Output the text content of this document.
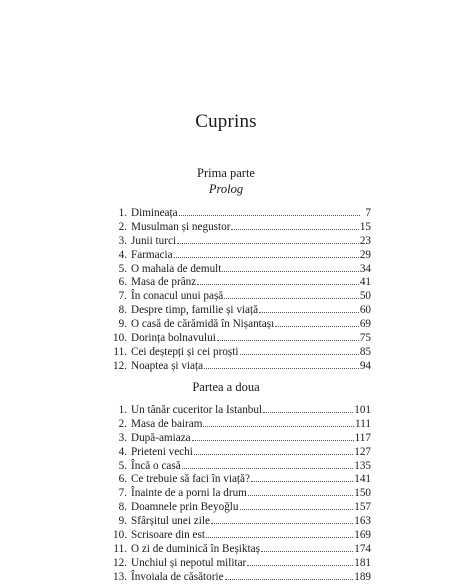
Cuprins
Prima parte
Prolog
1. Dimineața	7
2. Musulman și negustor	15
3. Junii turci	23
4. Farmacia	29
5. O mahala de demult	34
6. Masa de prânz	41
7. În conacul unui pașă	50
8. Despre timp, familie și viață	60
9. O casă de cărămidă în Nișantașı	69
10. Dorința bolnavului	75
11. Cei deștepți și cei proști	85
12. Noaptea și viața	94
Partea a doua
1. Un tânăr cuceritor la Istanbul	101
2. Masa de bairam	111
3. După-amiaza	117
4. Prieteni vechi	127
5. Încă o casă	135
6. Ce trebuie să faci în viață?	141
7. Înainte de a porni la drum	150
8. Doamnele prin Beyoğlu	157
9. Sfârșitul unei zile	163
10. Scrisoare din est	169
11. O zi de duminică în Beșiktaș	174
12. Unchiul și nepotul militar	181
13. Învoiala de căsătorie	189
